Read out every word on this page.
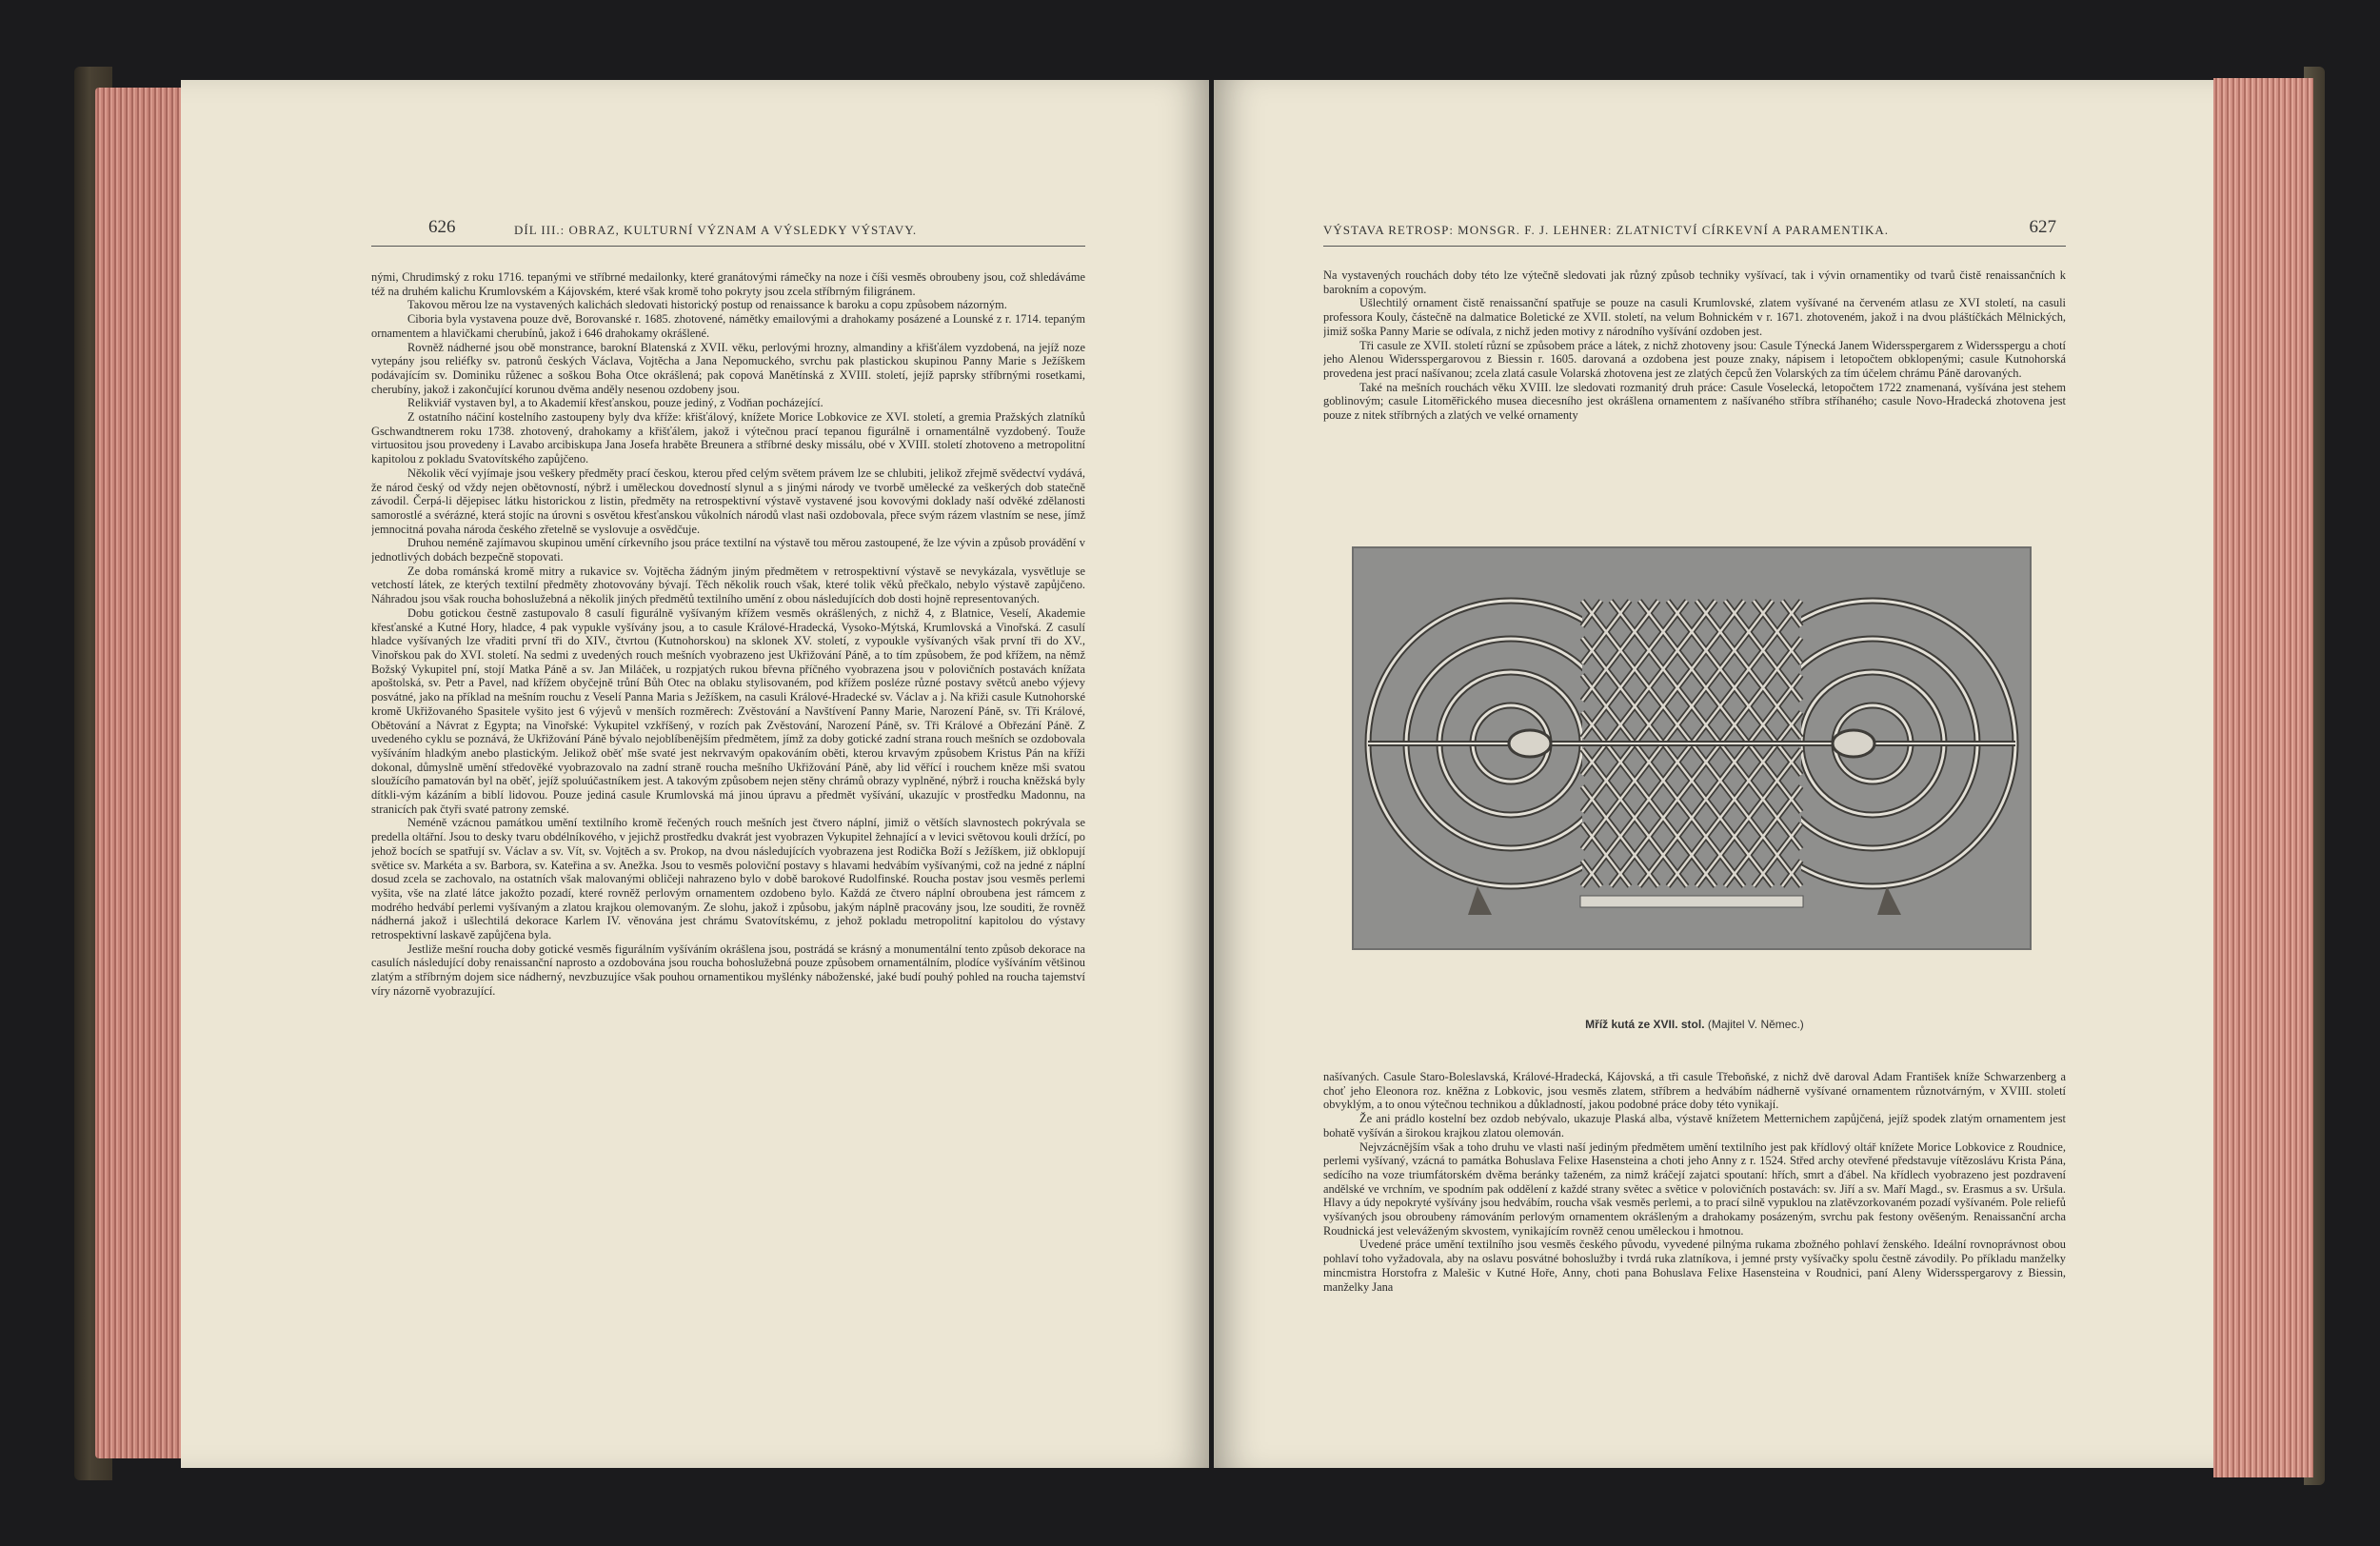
626	DÍL III.: OBRAZ, KULTURNÍ VÝZNAM A VÝSLEDKY VÝSTAVY.

nými, Chrudimský z roku 1716. tepanými ve stříbrné medailonky, které granátovými rámečky na noze i číši vesměs obroubeny jsou, což shledáváme též na druhém kalichu Krumlovském a Kájovském, které však kromě toho pokryty jsou zcela stříbrným filigránem.

Takovou měrou lze na vystavených kalichách sledovati historický postup od renaissance k baroku a copu způsobem názorným.

Ciboria byla vystavena pouze dvě, Borovanské r. 1685. zhotovené, námětky emailovými a drahokamy posázené a Lounské z r. 1714. tepaným ornamentem a hlavičkami cherubínů, jakož i 646 drahokamy okrášlené.

Rovněž nádherné jsou obě monstrance, barokní Blatenská z XVII. věku, perlovými hrozny, almandiny a křišťálem vyzdobená, na jejíž noze vytepány jsou reliéfky sv. patronů českých Václava, Vojtěcha a Jana Nepomuckého, svrchu pak plastickou skupinou Panny Marie s Ježíškem podávajícím sv. Dominiku růženec a soškou Boha Otce okrášlená; pak copová Manětínská z XVIII. století, jejíž paprsky stříbrnými rosetkami, cherubíny, jakož i zakončující korunou dvěma anděly nesenou ozdobeny jsou.

Relikviář vystaven byl, a to Akademií křesťanskou, pouze jediný, z Vodňan pocházející.

Z ostatního náčiní kostelního zastoupeny byly dva kříže: křišťálový, knížete Morice Lobkovice ze XVI. století, a gremia Pražských zlatníků Gschwandtnerem roku 1738. zhotovený, drahokamy a křišťálem, jakož i výtečnou prací tepanou figurálně i ornamentálně vyzdobený. Touže virtuositou jsou provedeny i Lavabo arcibiskupa Jana Josefa hraběte Breunera a stříbrné desky missálu, obé v XVIII. století zhotoveno a metropolitní kapitolou z pokladu Svatovítského zapůjčeno.

Několik věcí vyjímaje jsou veškery předměty prací českou, kterou před celým světem právem lze se chlubiti, jelikož zřejmě svědectví vydává, že národ český od vždy nejen obětovností, nýbrž i uměleckou dovedností slynul a s jinými národy ve tvorbě umělecké za veškerých dob statečně závodil. Čerpá-li dějepisec látku historickou z listin, předměty na retrospektivní výstavě vystavené jsou kovovými doklady naší odvěké zdělanosti samorostlé a svérázné, která stojíc na úrovni s osvětou křesťanskou vůkolních národů vlast naši ozdobovala, přece svým rázem vlastním se nese, jímž jemnocitná povaha národa českého zřetelně se vyslovuje a osvědčuje.

Druhou neméně zajímavou skupinou umění církevního jsou práce textilní na výstavě tou měrou zastoupené, že lze vývin a způsob provádění v jednotlivých dobách bezpečně stopovati.

Ze doba románská kromě mitry a rukavice sv. Vojtěcha žádným jiným předmětem v retrospektivní výstavě se nevykázala, vysvětluje se vetchostí látek, ze kterých textilní předměty zhotovovány bývají. Těch několik rouch však, které tolik věků přečkalo, nebylo výstavě zapůjčeno. Náhradou jsou však roucha bohoslužebná a několik jiných předmětů textilního umění z obou následujících dob dosti hojně representovaných.

Dobu gotickou čestně zastupovalo 8 casulí figurálně vyšívaným křížem vesměs okrášlených, z nichž 4, z Blatnice, Veselí, Akademie křesťanské a Kutné Hory, hladce, 4 pak vypukle vyšívány jsou, a to casule Králové-Hradecká, Vysoko-Mýtská, Krumlovská a Vinořská. Z casulí hladce vyšívaných lze vřaditi první tři do XIV., čtvrtou (Kutnohorskou) na sklonek XV. století, z vypoukle vyšívaných však první tři do XV., Vinořskou pak do XVI. století. Na sedmi z uvedených rouch mešních vyobrazeno jest Ukřižování Páně, a to tím způsobem, že pod křížem, na němž Božský Vykupitel pní, stojí Matka Páně a sv. Jan Miláček, u rozpjatých rukou břevna příčného vyobrazena jsou v polovičních postavách knížata apoštolská, sv. Petr a Pavel, nad křížem obyčejně trůní Bůh Otec na oblaku stylisovaném, pod křížem posléze různé postavy světců anebo výjevy posvátné, jako na příklad na mešním rouchu z Veselí Panna Maria s Ježíškem, na casuli Králové-Hradecké sv. Václav a j. Na křiži casule Kutnohorské kromě Ukřižovaného Spasitele vyšito jest 6 výjevů v menších rozměrech: Zvěstování a Navštívení Panny Marie, Narození Páně, sv. Tři Králové, Obětování a Návrat z Egypta; na Vinořské: Vykupitel vzkříšený, v rozích pak Zvěstování, Narození Páně, sv. Tři Králové a Obřezání Páně. Z uvedeného cyklu se poznává, že Ukřižování Páně bývalo nejoblíbenějším předmětem, jímž za doby gotické zadní strana rouch mešních se ozdobovala vyšíváním hladkým anebo plastickým. Jelikož oběť mše svaté jest nekrvavým opakováním oběti, kterou krvavým způsobem Kristus Pán na kříži dokonal, důmyslně umění středověké vyobrazovalo na zadní straně roucha mešního Ukřižování Páně, aby lid věřící i rouchem kněze mši svatou sloužícího pamatován byl na oběť, jejíž spoluúčastníkem jest. A takovým způsobem nejen stěny chrámů obrazy vyplněné, nýbrž i roucha kněžská byly dítkli-vým kázáním a biblí lidovou. Pouze jediná casule Krumlovská má jinou úpravu a předmět vyšívání, ukazujíc v prostředku Madonnu, na stranicích pak čtyři svaté patrony zemské.

Neméně vzácnou památkou umění textilního kromě řečených rouch mešních jest čtvero náplní, jimiž o větších slavnostech pokrývala se predella oltářní. Jsou to desky tvaru obdélníkového, v jejichž prostředku dvakrát jest vyobrazen Vykupitel žehnající a v levici světovou kouli držící, po jehož bocích se spatřují sv. Václav a sv. Vít, sv. Vojtěch a sv. Prokop, na dvou následujících vyobrazena jest Rodička Boží s Ježíškem, již obklopují světice sv. Markéta a sv. Barbora, sv. Kateřina a sv. Anežka. Jsou to vesměs poloviční postavy s hlavami hedvábím vyšívanými, což na jedné z náplní dosud zcela se zachovalo, na ostatních však malovanými obličeji nahrazeno bylo v době barokové Rudolfinské. Roucha postav jsou vesměs perlemi vyšita, vše na zlaté látce jakožto pozadí, které rovněž perlovým ornamentem ozdobeno bylo. Každá ze čtvero náplní obroubena jest rámcem z modrého hedvábí perlemi vyšívaným a zlatou krajkou olemovaným. Ze slohu, jakož i způsobu, jakým náplně pracovány jsou, lze souditi, že rovněž nádherná jakož i ušlechtilá dekorace Karlem IV. věnována jest chrámu Svatovítskému, z jehož pokladu metropolitní kapitolou do výstavy retrospektivní laskavě zapůjčena byla.

Jestliže mešní roucha doby gotické vesměs figurálním vyšíváním okrášlena jsou, postrádá se krásný a monumentální tento způsob dekorace na casulích následující doby renaissanční naprosto a ozdobována jsou roucha bohoslužebná pouze způsobem ornamentálním, plodíce vyšíváním většinou zlatým a stříbrným dojem sice nádherný, nevzbuzujíce však pouhou ornamentikou myšlénky náboženské, jaké budí pouhý pohled na roucha tajemství víry názorně vyobrazující.

VÝSTAVA RETROSP: MONSGR. F. J. LEHNER: ZLATNICTVÍ CÍRKEVNÍ A PARAMENTIKA.	627

Na vystavených rouchách doby této lze výtečně sledovati jak různý způsob techniky vyšívací, tak i vývin ornamentiky od tvarů čistě renaissančních k barokním a copovým.

Ušlechtilý ornament čistě renaissanční spatřuje se pouze na casuli Krumlovské, zlatem vyšívané na červeném atlasu ze XVI století, na casuli professora Kouly, částečně na dalmatice Boletické ze XVII. století, na velum Bohnickém v r. 1671. zhotoveném, jakož i na dvou pláštíčkách Mělnických, jimiž soška Panny Marie se odívala, z nichž jeden motivy z národního vyšívání ozdoben jest.

Tři casule ze XVII. století různí se způsobem práce a látek, z nichž zhotoveny jsou: Casule Týnecká Janem Widersspergarem z Widersspergu a chotí jeho Alenou Widersspergarovou z Biessin r. 1605. darovaná a ozdobena jest pouze znaky, nápisem i letopočtem obklopenými; casule Kutnohorská provedena jest prací našívanou; zcela zlatá casule Volarská zhotovena jest ze zlatých čepců žen Volarských za tím účelem chrámu Páně darovaných.

Také na mešních rouchách věku XVIII. lze sledovati rozmanitý druh práce: Casule Voselecká, letopočtem 1722 znamenaná, vyšívána jest stehem goblinovým; casule Litoměřického musea diecesního jest okrášlena ornamentem z našívaného stříbra stříhaného; casule Novo-Hradecká zhotovena jest pouze z nitek stříbrných a zlatých ve velké ornamenty

Mříž kutá ze XVII. stol. (Majitel V. Němec.)

našívaných. Casule Staro-Boleslavská, Králové-Hradecká, Kájovská, a tři casule Třeboňské, z nichž dvě daroval Adam František kníže Schwarzenberg a choť jeho Eleonora roz. kněžna z Lobkovic, jsou vesměs zlatem, stříbrem a hedvábím nádherně vyšívané ornamentem různotvárným, v XVIII. století obvyklým, a to onou výtečnou technikou a důkladností, jakou podobné práce doby této vynikají.

Že ani prádlo kostelní bez ozdob nebývalo, ukazuje Plaská alba, výstavě knížetem Metternichem zapůjčená, jejíž spodek zlatým ornamentem jest bohatě vyšíván a širokou krajkou zlatou olemován.

Nejvzácnějším však a toho druhu ve vlasti naší jediným předmětem umění textilního jest pak křídlový oltář knížete Morice Lobkovice z Roudnice, perlemi vyšívaný, vzácná to památka Bohuslava Felixe Hasensteina a choti jeho Anny z r. 1524. Střed archy otevřené představuje vítězoslávu Krista Pána, sedícího na voze triumfátorském dvěma beránky taženém, za nimž kráčejí zajatci spoutaní: hřích, smrt a ďábel. Na křídlech vyobrazeno jest pozdravení andělské ve vrchním, ve spodním pak oddělení z každé strany světec a světice v polovičních postavách: sv. Jiří a sv. Maří Magd., sv. Erasmus a sv. Uršula. Hlavy a údy nepokryté vyšívány jsou hedvábím, roucha však vesměs perlemi, a to prací silně vypuklou na zlatěvzorkovaném pozadí vyšívaném. Pole reliefů vyšívaných jsou obroubeny rámováním perlovým ornamentem okrášleným a drahokamy posázeným, svrchu pak festony ověšeným. Renaissanční archa Roudnická jest veleváženým skvostem, vynikajícím rovněž cenou uměleckou i hmotnou.

Uvedené práce umění textilního jsou vesměs českého původu, vyvedené pilnýma rukama zbožného pohlaví ženského. Ideální rovnoprávnost obou pohlaví toho vyžadovala, aby na oslavu posvátné bohoslužby i tvrdá ruka zlatníkova, i jemné prsty vyšívačky spolu čestně závodily. Po příkladu manželky mincmistra Horstofra z Malešic v Kutné Hoře, Anny, choti pana Bohuslava Felixe Hasensteina v Roudnici, paní Aleny Widersspergarovy z Biessin, manželky Jana
